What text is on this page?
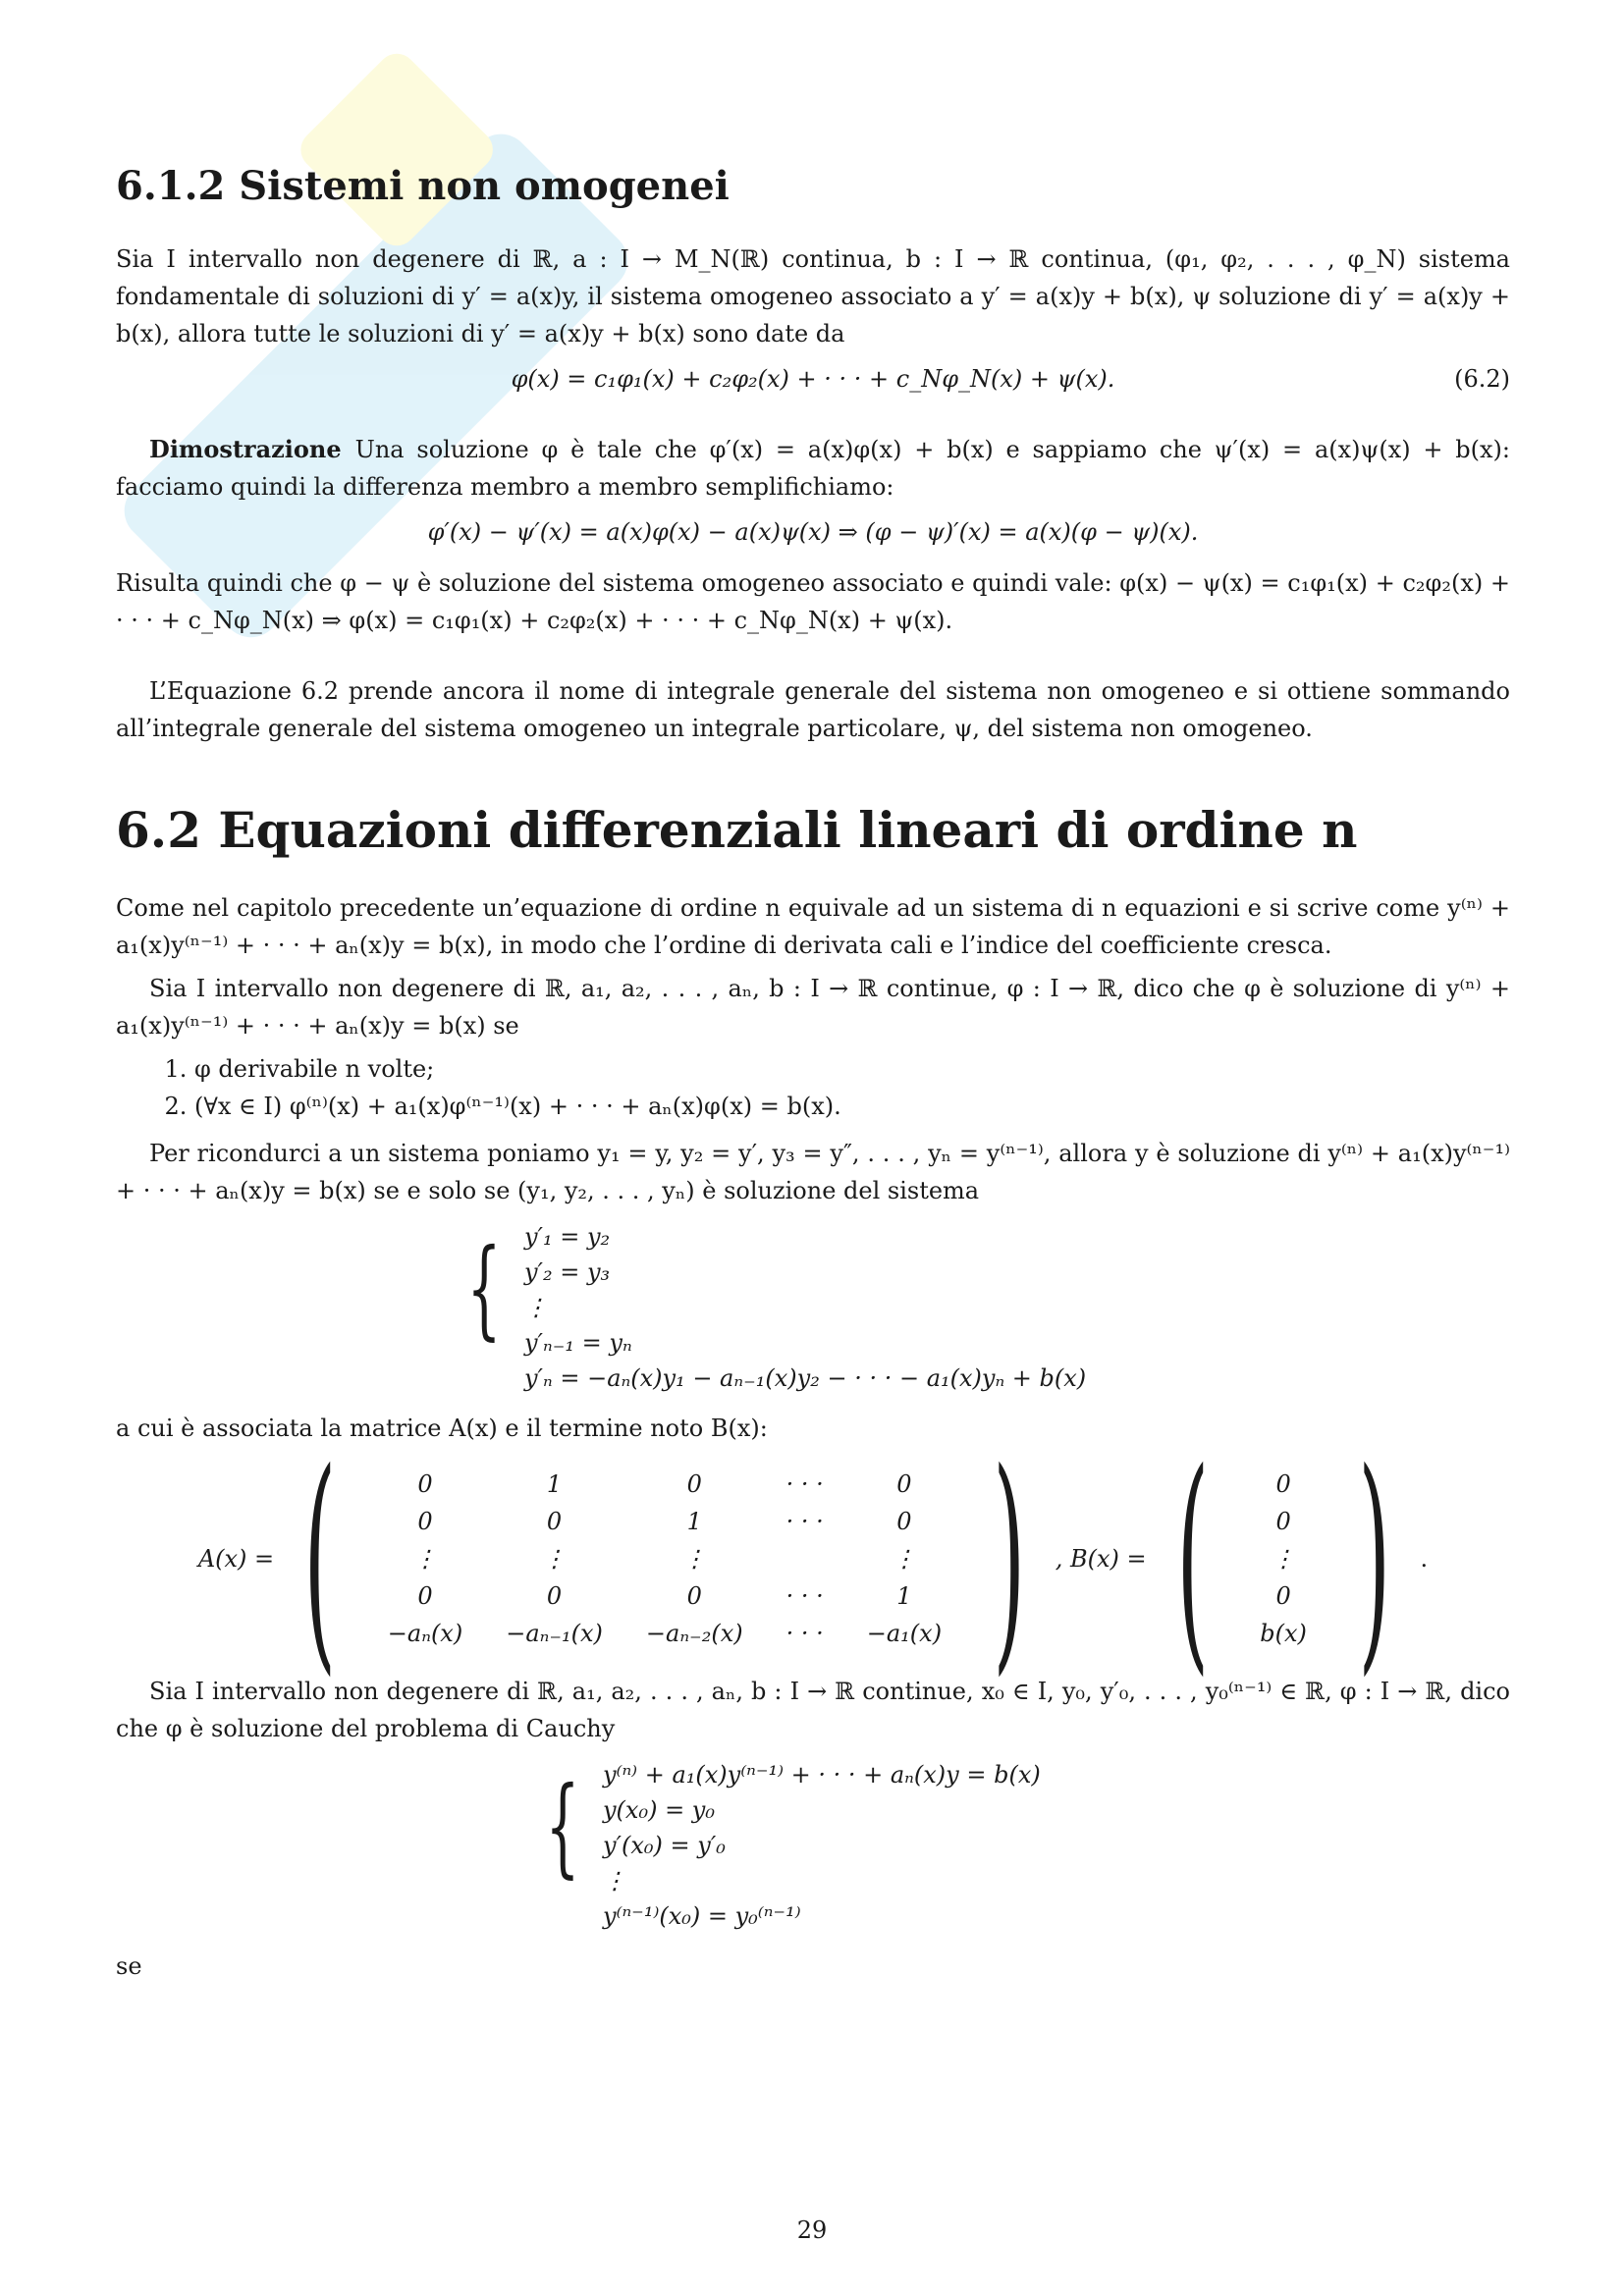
6.1.2 Sistemi non omogenei

Sia I intervallo non degenere di ℝ, a : I → M_N(ℝ) continua, b : I → ℝ continua, (φ₁, φ₂, . . . , φ_N) sistema fondamentale di soluzioni di y′ = a(x)y, il sistema omogeneo associato a y′ = a(x)y + b(x), ψ soluzione di y′ = a(x)y + b(x), allora tutte le soluzioni di y′ = a(x)y + b(x) sono date da

φ(x) = c₁φ₁(x) + c₂φ₂(x) + · · · + c_Nφ_N(x) + ψ(x).	(6.2)

Dimostrazione Una soluzione φ è tale che φ′(x) = a(x)φ(x) + b(x) e sappiamo che ψ′(x) = a(x)ψ(x) + b(x): facciamo quindi la differenza membro a membro semplifichiamo:

φ′(x) − ψ′(x) = a(x)φ(x) − a(x)ψ(x) ⇒ (φ − ψ)′(x) = a(x)(φ − ψ)(x).

Risulta quindi che φ − ψ è soluzione del sistema omogeneo associato e quindi vale: φ(x) − ψ(x) = c₁φ₁(x) + c₂φ₂(x) + · · · + c_Nφ_N(x) ⇒ φ(x) = c₁φ₁(x) + c₂φ₂(x) + · · · + c_Nφ_N(x) + ψ(x).

L’Equazione 6.2 prende ancora il nome di integrale generale del sistema non omogeneo e si ottiene sommando all’integrale generale del sistema omogeneo un integrale particolare, ψ, del sistema non omogeneo.

6.2 Equazioni differenziali lineari di ordine n

Come nel capitolo precedente un’equazione di ordine n equivale ad un sistema di n equazioni e si scrive come y⁽ⁿ⁾ + a₁(x)y⁽ⁿ⁻¹⁾ + · · · + aₙ(x)y = b(x), in modo che l’ordine di derivata cali e l’indice del coefficiente cresca.

Sia I intervallo non degenere di ℝ, a₁, a₂, . . . , aₙ, b : I → ℝ continue, φ : I → ℝ, dico che φ è soluzione di y⁽ⁿ⁾ + a₁(x)y⁽ⁿ⁻¹⁾ + · · · + aₙ(x)y = b(x) se

1. φ derivabile n volte;
2. (∀x ∈ I) φ⁽ⁿ⁾(x) + a₁(x)φ⁽ⁿ⁻¹⁾(x) + · · · + aₙ(x)φ(x) = b(x).

Per ricondurci a un sistema poniamo y₁ = y, y₂ = y′, y₃ = y″, . . . , yₙ = y⁽ⁿ⁻¹⁾, allora y è soluzione di y⁽ⁿ⁾ + a₁(x)y⁽ⁿ⁻¹⁾ + · · · + aₙ(x)y = b(x) se e solo se (y₁, y₂, . . . , yₙ) è soluzione del sistema

{ y′₁ = y₂
y′₂ = y₃
⋮
y′ₙ₋₁ = yₙ
y′ₙ = −aₙ(x)y₁ − aₙ₋₁(x)y₂ − · · · − a₁(x)yₙ + b(x)

a cui è associata la matrice A(x) e il termine noto B(x):

A(x) = (	0	1	0	· · ·	0
0	0	1	· · ·	0
⋮	⋮	⋮		⋮
0	0	0	· · ·	1
−aₙ(x)	−aₙ₋₁(x)	−aₙ₋₂(x)	· · ·	−a₁(x) ) , B(x) = (	0
0
⋮
0
b(x) ) .

Sia I intervallo non degenere di ℝ, a₁, a₂, . . . , aₙ, b : I → ℝ continue, x₀ ∈ I, y₀, y′₀, . . . , y₀⁽ⁿ⁻¹⁾ ∈ ℝ, φ : I → ℝ, dico che φ è soluzione del problema di Cauchy

{ y⁽ⁿ⁾ + a₁(x)y⁽ⁿ⁻¹⁾ + · · · + aₙ(x)y = b(x)
y(x₀) = y₀
y′(x₀) = y′₀
⋮
y⁽ⁿ⁻¹⁾(x₀) = y₀⁽ⁿ⁻¹⁾

se

29
